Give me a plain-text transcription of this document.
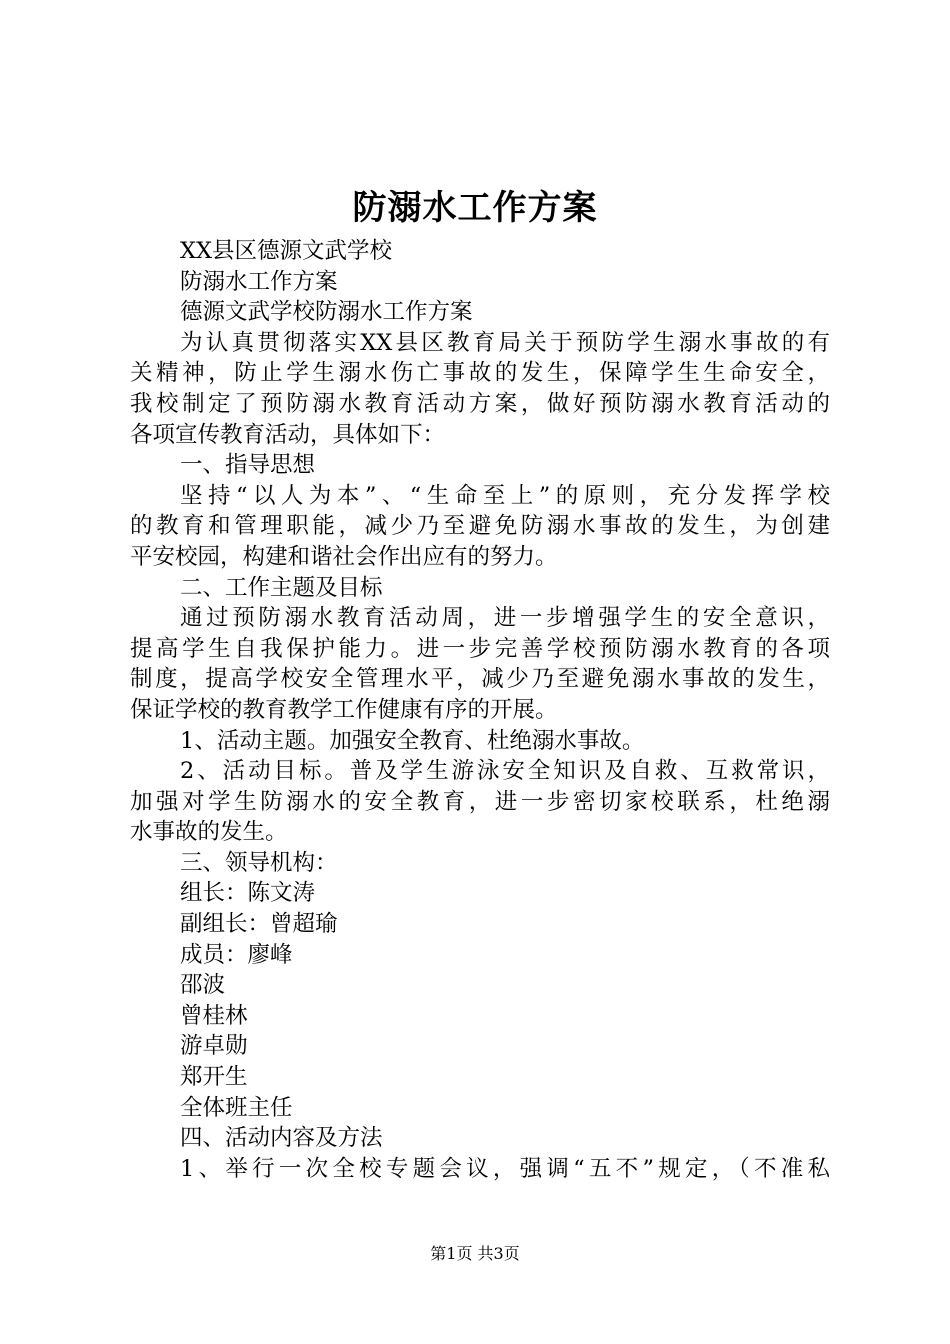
防溺水工作方案
XX县区德源文武学校
防溺水工作方案
德源文武学校防溺水工作方案
为认真贯彻落实XX县区教育局关于预防学生溺水事故的有
关精神，防止学生溺水伤亡事故的发生，保障学生生命安全，
我校制定了预防溺水教育活动方案，做好预防溺水教育活动的
各项宣传教育活动，具体如下：
一、指导思想
坚持“以人为本”、“生命至上”的原则，充分发挥学校
的教育和管理职能，减少乃至避免防溺水事故的发生，为创建
平安校园，构建和谐社会作出应有的努力。
二、工作主题及目标
通过预防溺水教育活动周，进一步增强学生的安全意识，
提高学生自我保护能力。进一步完善学校预防溺水教育的各项
制度，提高学校安全管理水平，减少乃至避免溺水事故的发生，
保证学校的教育教学工作健康有序的开展。
1、活动主题。加强安全教育、杜绝溺水事故。
2、活动目标。普及学生游泳安全知识及自救、互救常识，
加强对学生防溺水的安全教育，进一步密切家校联系，杜绝溺
水事故的发生。
三、领导机构：
组长：陈文涛
副组长：曾超瑜
成员：廖峰
邵波
曾桂林
游卓勋
郑开生
全体班主任
四、活动内容及方法
1、举行一次全校专题会议，强调“五不”规定，（不准私
第1页 共3页
